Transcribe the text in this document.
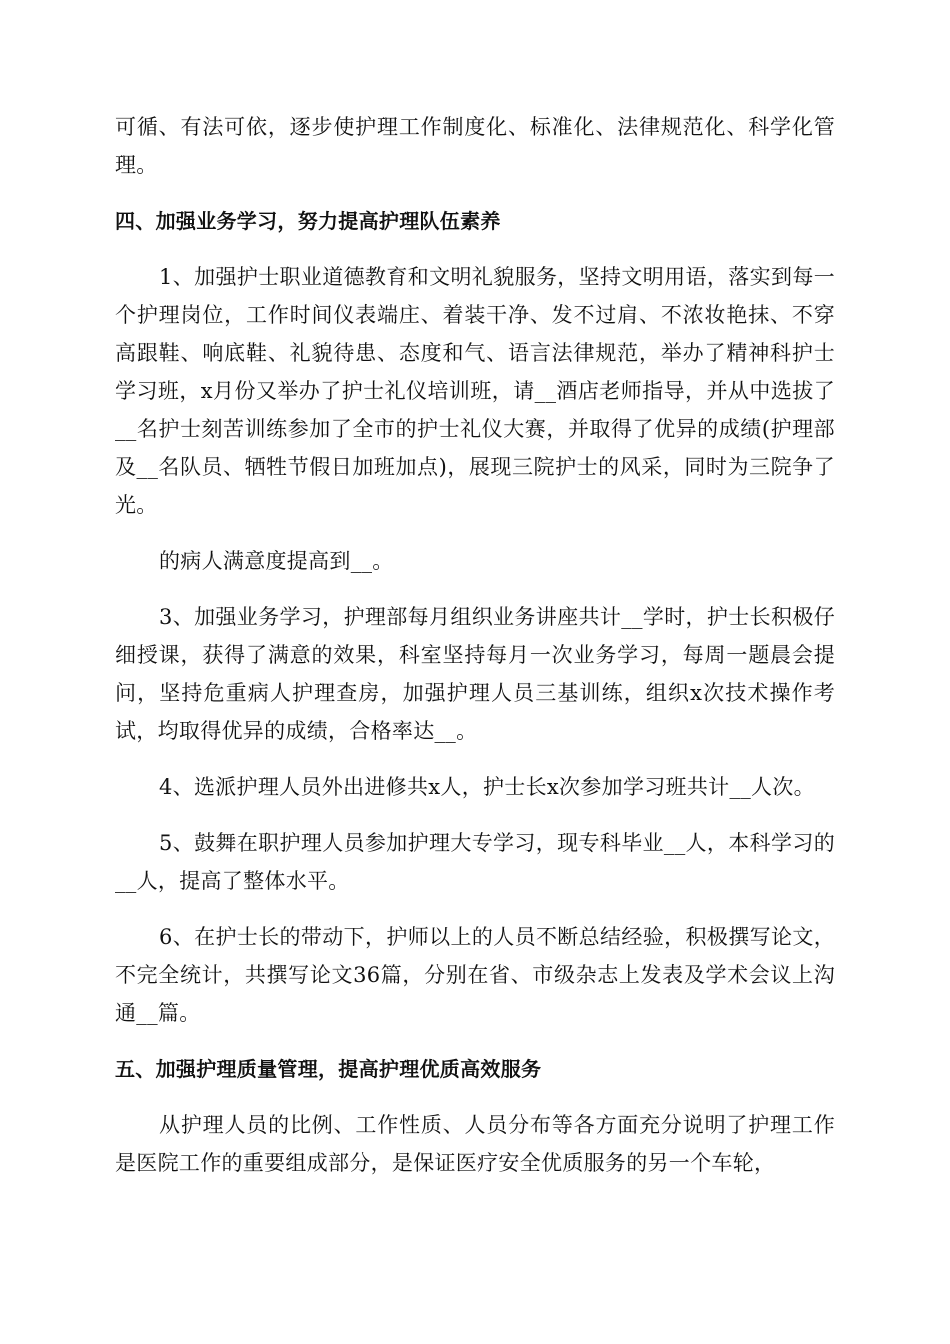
可循、有法可依，逐步使护理工作制度化、标准化、法律规范化、科学化管理。

四、加强业务学习，努力提高护理队伍素养

1、加强护士职业道德教育和文明礼貌服务，坚持文明用语，落实到每一个护理岗位，工作时间仪表端庄、着装干净、发不过肩、不浓妆艳抹、不穿高跟鞋、响底鞋、礼貌待患、态度和气、语言法律规范，举办了精神科护士学习班，x月份又举办了护士礼仪培训班，请__酒店老师指导，并从中选拔了__名护士刻苦训练参加了全市的护士礼仪大赛，并取得了优异的成绩(护理部及__名队员、牺牲节假日加班加点)，展现三院护士的风采，同时为三院争了光。

的病人满意度提高到__。

3、加强业务学习，护理部每月组织业务讲座共计__学时，护士长积极仔细授课，获得了满意的效果，科室坚持每月一次业务学习，每周一题晨会提问，坚持危重病人护理查房，加强护理人员三基训练，组织x次技术操作考试，均取得优异的成绩，合格率达__。

4、选派护理人员外出进修共x人，护士长x次参加学习班共计__人次。

5、鼓舞在职护理人员参加护理大专学习，现专科毕业__人，本科学习的__人，提高了整体水平。

6、在护士长的带动下，护师以上的人员不断总结经验，积极撰写论文，不完全统计，共撰写论文36篇，分别在省、市级杂志上发表及学术会议上沟通__篇。

五、加强护理质量管理，提高护理优质高效服务

从护理人员的比例、工作性质、人员分布等各方面充分说明了护理工作是医院工作的重要组成部分，是保证医疗安全优质服务的另一个车轮，
